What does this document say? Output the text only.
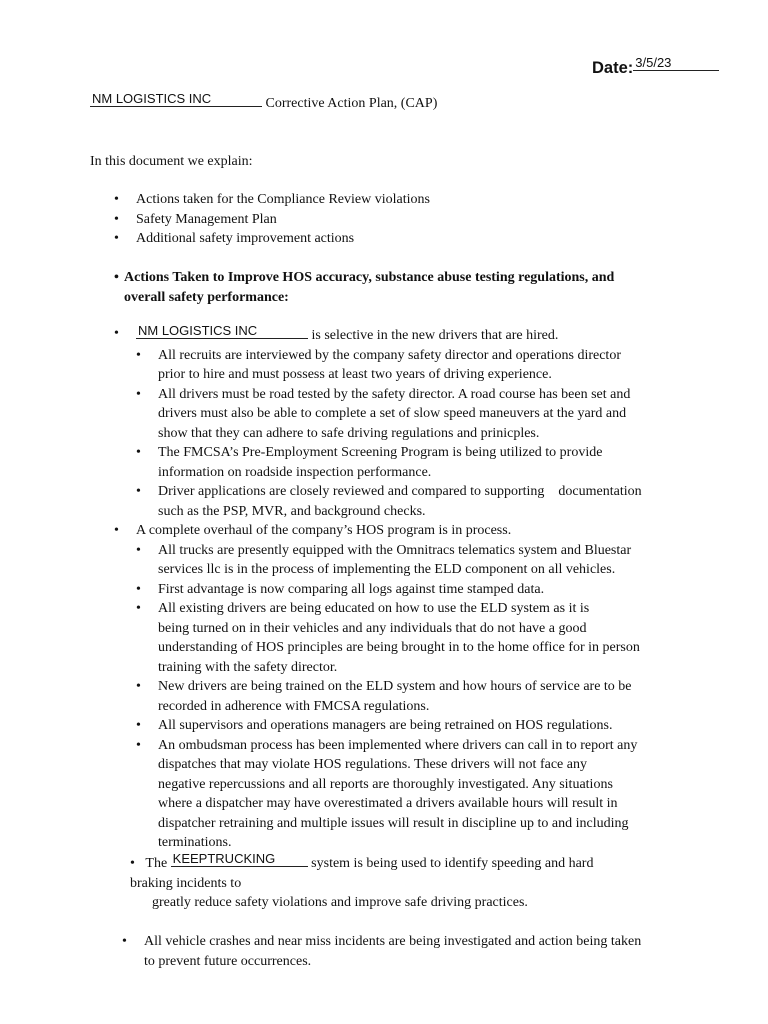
Date: 3/5/23
NM LOGISTICS INC	Corrective Action Plan, (CAP)
In this document we explain:
• Actions taken for the Compliance Review violations
• Safety Management Plan
• Additional safety improvement actions
• Actions Taken to Improve HOS accuracy, substance abuse testing regulations, and
overall safety performance:
• NM LOGISTICS INC	is selective in the new drivers that are hired.
• All recruits are interviewed by the company safety director and operations director
prior to hire and must possess at least two years of driving experience.
• All drivers must be road tested by the safety director. A road course has been set and
drivers must also be able to complete a set of slow speed maneuvers at the yard and
show that they can adhere to safe driving regulations and prinicples.
• The FMCSA’s Pre-Employment Screening Program is being utilized to provide
information on roadside inspection performance.
• Driver applications are closely reviewed and compared to supporting    documentation
such as the PSP, MVR, and background checks.
• A complete overhaul of the company’s HOS program is in process.
• All trucks are presently equipped with the Omnitracs telematics system and Bluestar
services llc is in the process of implementing the ELD component on all vehicles.
• First advantage is now comparing all logs against time stamped data.
• All existing drivers are being educated on how to use the ELD system as it is
being turned on in their vehicles and any individuals that do not have a good
understanding of HOS principles are being brought in to the home office for in person
training with the safety director.
• New drivers are being trained on the ELD system and how hours of service are to be
recorded in adherence with FMCSA regulations.
• All supervisors and operations managers are being retrained on HOS regulations.
• An ombudsman process has been implemented where drivers can call in to report any
dispatches that may violate HOS regulations. These drivers will not face any
negative repercussions and all reports are thoroughly investigated. Any situations
where a dispatcher may have overestimated a drivers available hours will result in
dispatcher retraining and multiple issues will result in discipline up to and including
terminations.
• The KEEPTRUCKING	system is being used to identify speeding and hard
braking incidents to
greatly reduce safety violations and improve safe driving practices.
• All vehicle crashes and near miss incidents are being investigated and action being taken
to prevent future occurrences.
